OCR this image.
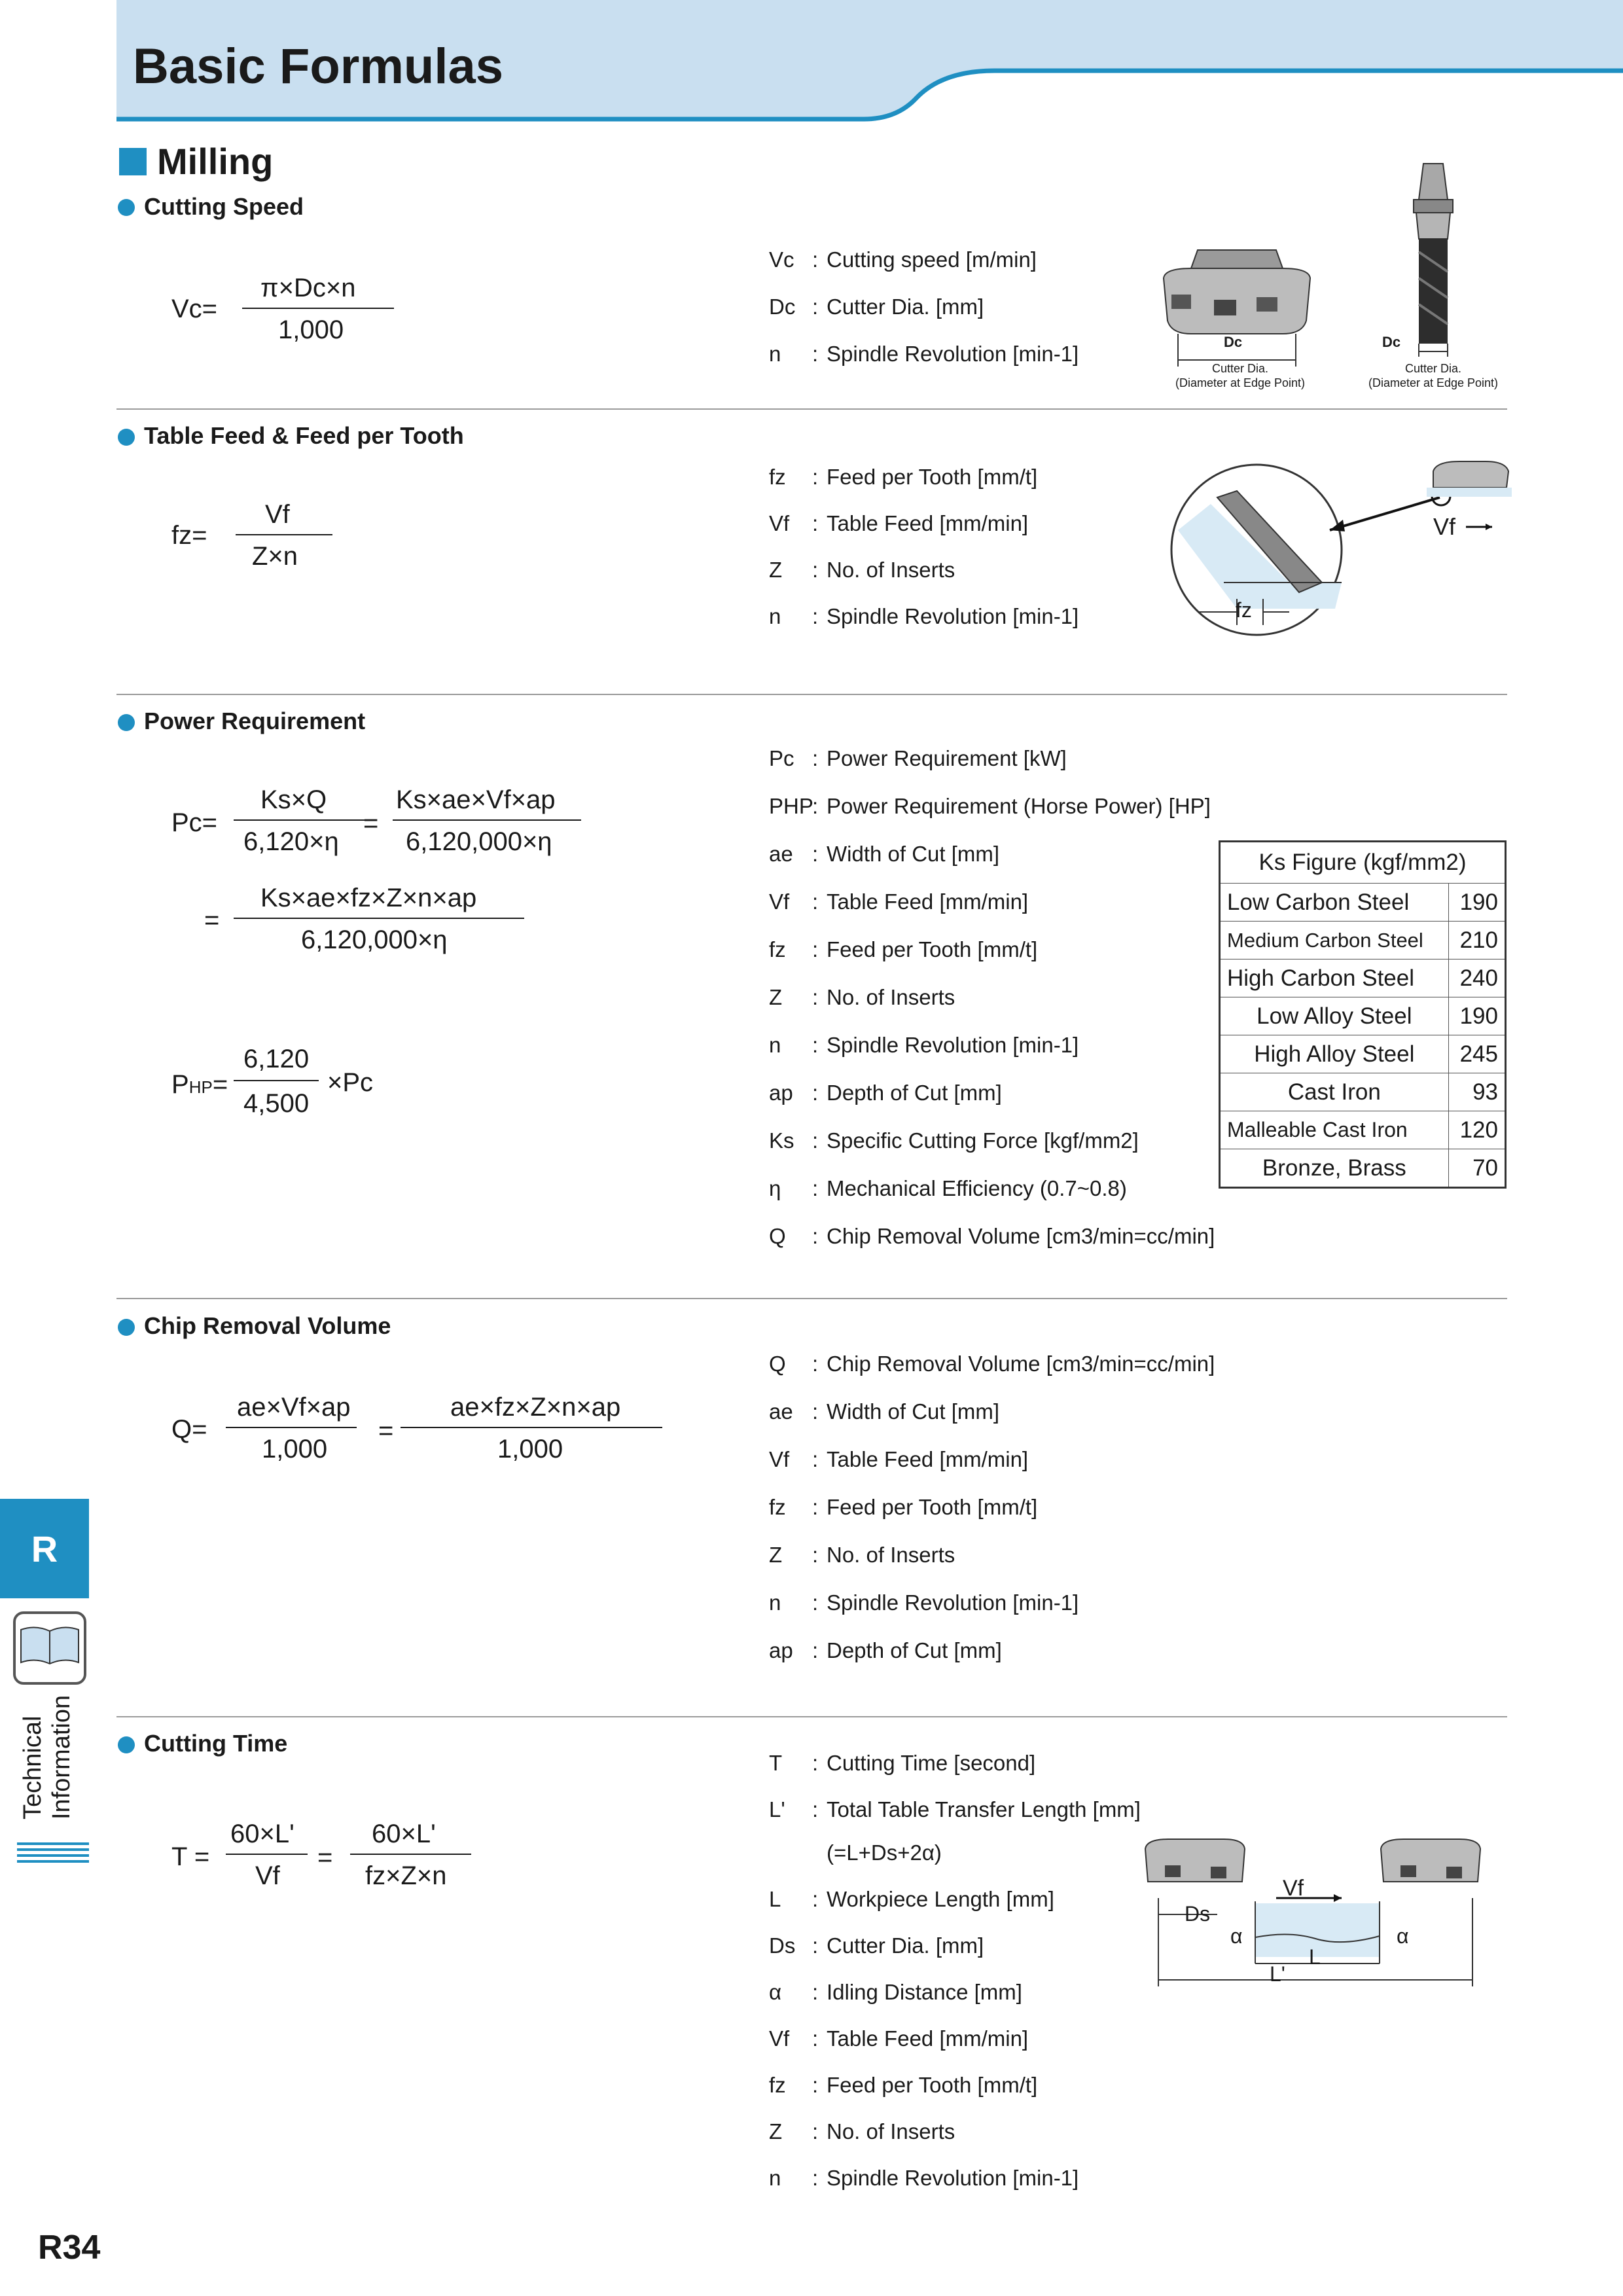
Basic Formulas
Milling
Cutting Speed
Vc=
π×Dc×n
1,000
Vc : Cutting speed [m/min]
Dc : Cutter Dia. [mm]
n : Spindle Revolution [min-1]	Dc
Cutter Dia.
(Diameter at Edge Point)
Dc
Cutter Dia.
(Diameter at Edge Point)
Table Feed & Feed per Tooth
fz=
Vf
Z×n
fz : Feed per Tooth [mm/t]
Vf : Table Feed [mm/min]
Z : No. of Inserts
n : Spindle Revolution [min-1]
Vf
fz
Power Requirement
Pc=
Ks×Q
6,120×η
=
Ks×ae×Vf×ap
6,120,000×η
=
Ks×ae×fz×Z×n×ap
6,120,000×η
PHP=
6,120
4,500
×Pc
Pc : Power Requirement [kW]
PHP: Power Requirement (Horse Power) [HP]
ae : Width of Cut [mm]
Vf : Table Feed [mm/min]
fz : Feed per Tooth [mm/t]
Z : No. of Inserts
n : Spindle Revolution [min-1]
ap : Depth of Cut [mm]
Ks : Specific Cutting Force [kgf/mm2]
η : Mechanical Efficiency (0.7~0.8)
Q : Chip Removal Volume [cm3/min=cc/min]
Ks Figure (kgf/mm2)	
Low Carbon Steel	190
Medium Carbon Steel	210
High Carbon Steel	240
Low Alloy Steel	190
High Alloy Steel	245
Cast Iron	93
Malleable Cast Iron	120
Bronze, Brass	70
Chip Removal Volume
Q=
ae×Vf×ap
1,000
=
ae×fz×Z×n×ap
1,000
Q : Chip Removal Volume [cm3/min=cc/min]
ae : Width of Cut [mm]
Vf : Table Feed [mm/min]
fz : Feed per Tooth [mm/t]
Z : No. of Inserts
n : Spindle Revolution [min-1]
ap : Depth of Cut [mm]
Cutting Time
T =
60×L'
Vf
=
60×L'
fz×Z×n
T : Cutting Time [second]
L' : Total Table Transfer Length [mm]
(=L+Ds+2α)
L : Workpiece Length [mm]
Ds : Cutter Dia. [mm]
α : Idling Distance [mm]
Vf : Table Feed [mm/min]
fz : Feed per Tooth [mm/t]
Z : No. of Inserts
n : Spindle Revolution [min-1]
Vf
Ds
L
L'
α	α
R
Technical Information
R34
